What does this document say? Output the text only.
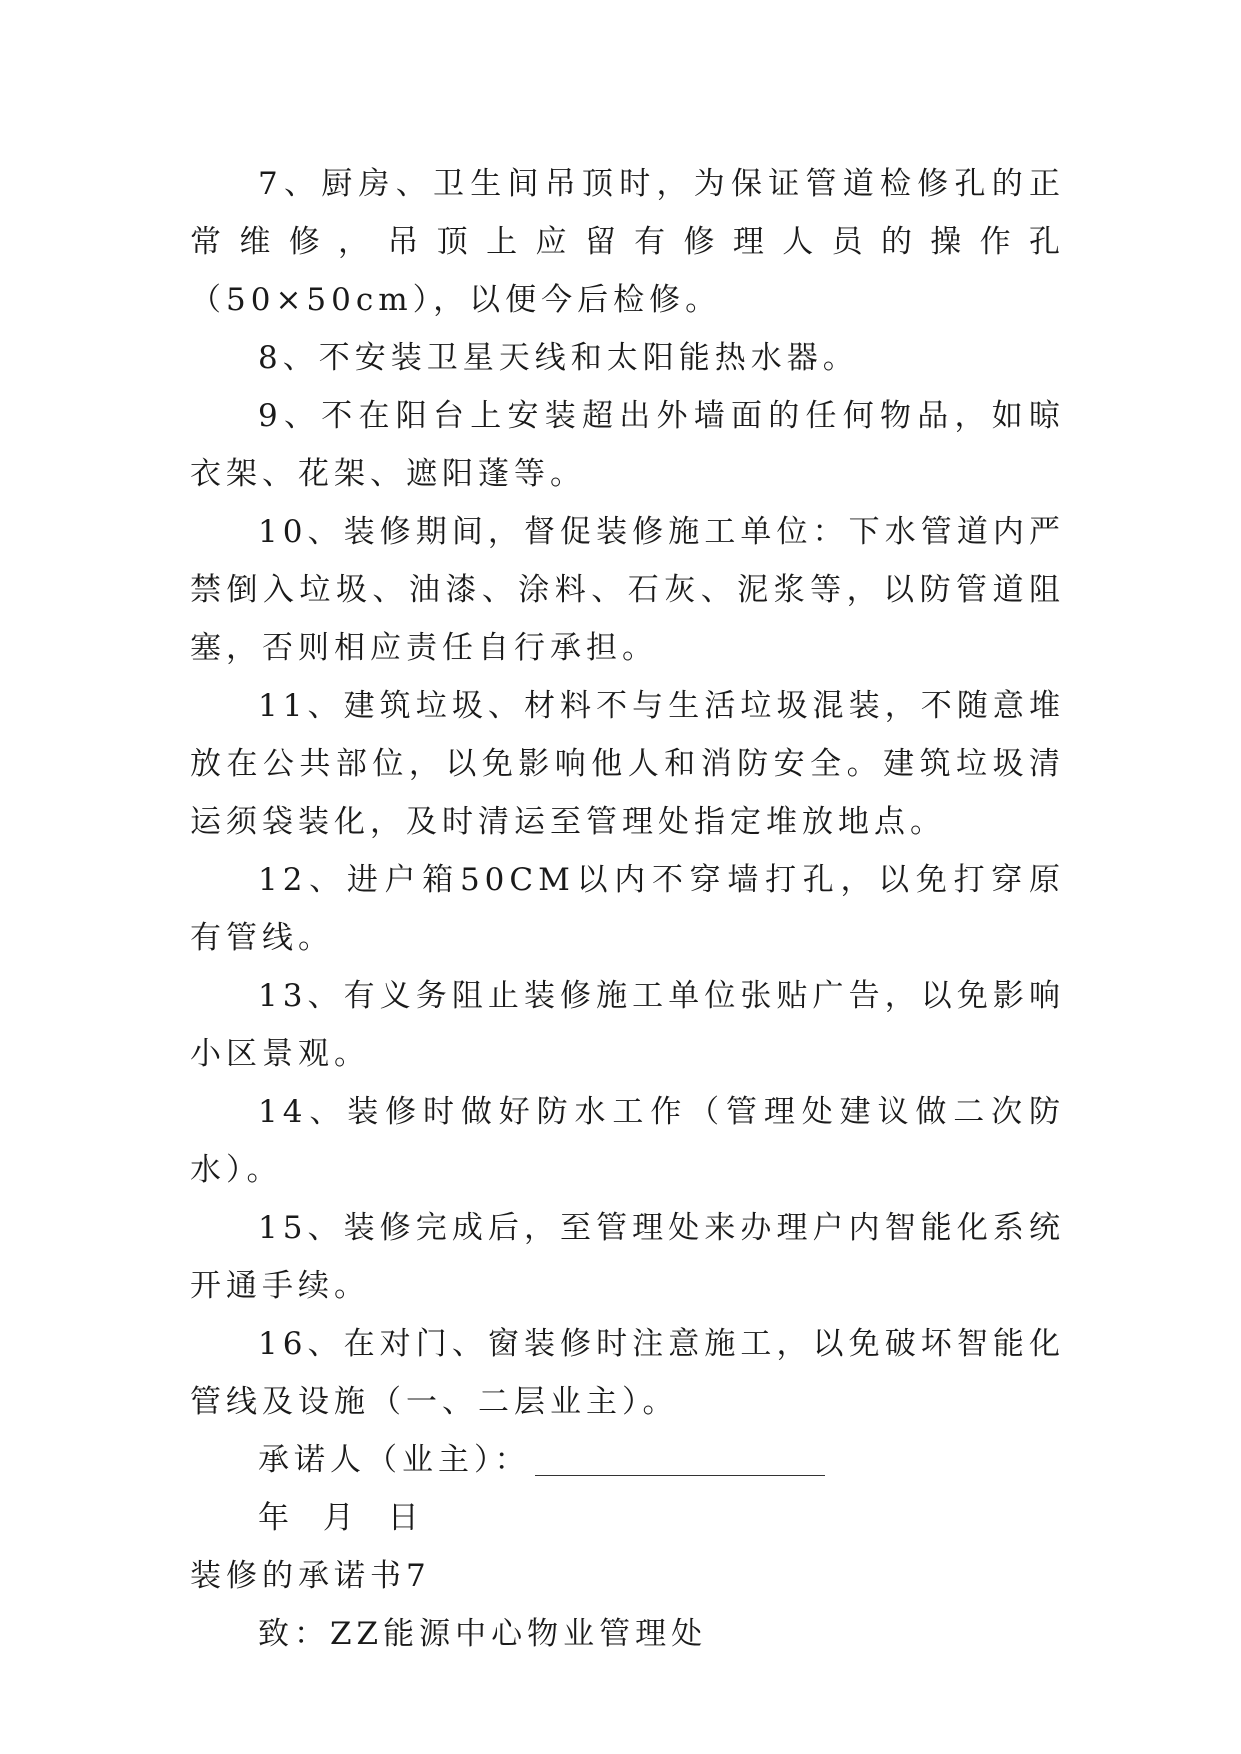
7、厨房、卫生间吊顶时，为保证管道检修孔的正常维修，吊顶上应留有修理人员的操作孔（50×50cm），以便今后检修。

8、不安装卫星天线和太阳能热水器。

9、不在阳台上安装超出外墙面的任何物品，如晾衣架、花架、遮阳蓬等。

10、装修期间，督促装修施工单位：下水管道内严禁倒入垃圾、油漆、涂料、石灰、泥浆等，以防管道阻塞，否则相应责任自行承担。

11、建筑垃圾、材料不与生活垃圾混装，不随意堆放在公共部位，以免影响他人和消防安全。建筑垃圾清运须袋装化，及时清运至管理处指定堆放地点。

12、进户箱50CM以内不穿墙打孔，以免打穿原有管线。

13、有义务阻止装修施工单位张贴广告，以免影响小区景观。

14、装修时做好防水工作（管理处建议做二次防水）。

15、装修完成后，至管理处来办理户内智能化系统开通手续。

16、在对门、窗装修时注意施工，以免破坏智能化管线及设施（一、二层业主）。

承诺人（业主）：

年 月 日

装修的承诺书7

致：ZZ能源中心物业管理处
